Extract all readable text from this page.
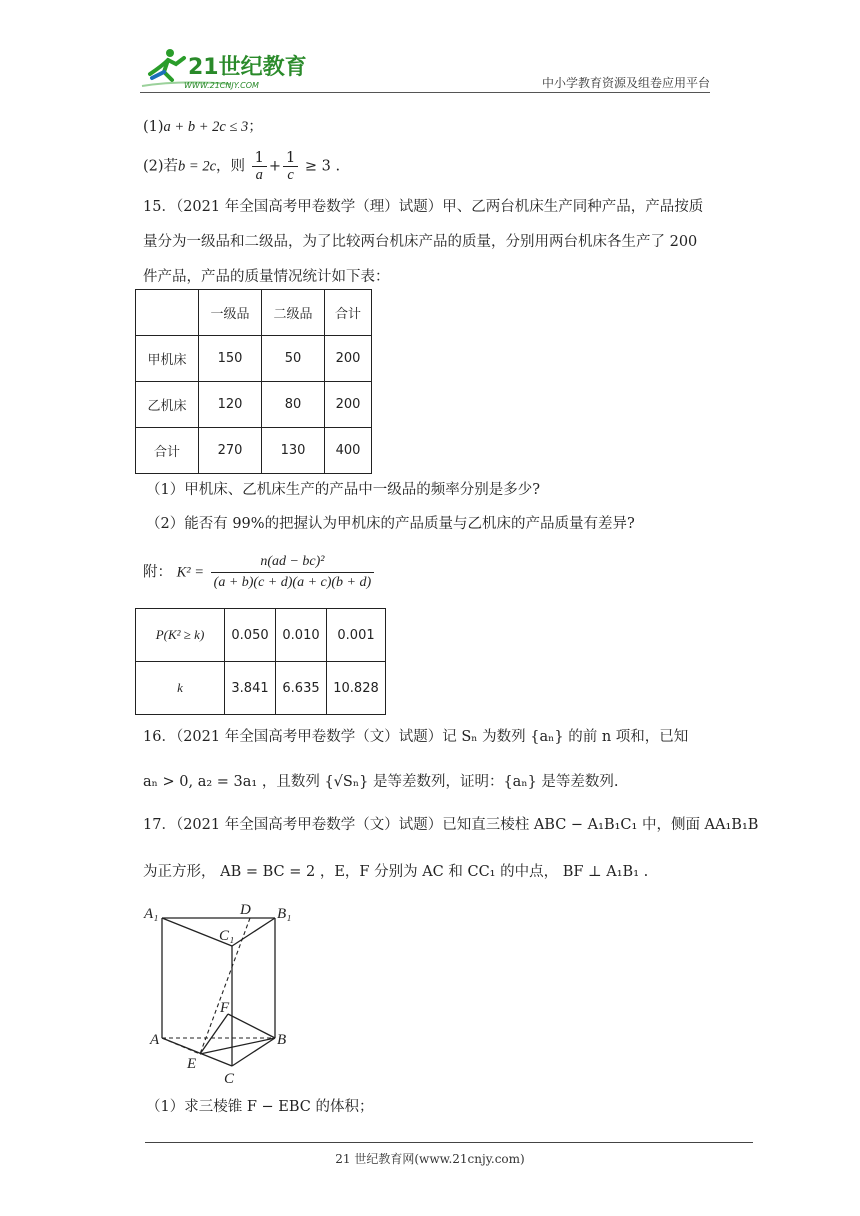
21世纪教育
WWW.21CNJY.COM	中小学教育资源及组卷应用平台
(1)a + b + 2c ≤ 3；
(2)若b = 2c，则 $\frac{1}{a} + \frac{1}{c} \ge 3$ .
15．（2021 年全国高考甲卷数学（理）试题）甲、乙两台机床生产同种产品，产品按质
量分为一级品和二级品，为了比较两台机床产品的质量，分别用两台机床各生产了 200
件产品，产品的质量情况统计如下表：
	一级品	二级品	合计
甲机床	150	50	200
乙机床	120	80	200
合计	270	130	400
（1）甲机床、乙机床生产的产品中一级品的频率分别是多少?
（2）能否有 99%的把握认为甲机床的产品质量与乙机床的产品质量有差异?
附： $K^2 = \frac{\text{n(ad − bc)²}}{(a + b)(c + d)(a + c)(b + d)}$
P(K² ≥ k)	0.050	0.010	0.001
k	3.841	6.635	10.828
16．（2021 年全国高考甲卷数学（文）试题）记 Sₙ 为数列 {aₙ} 的前 n 项和，已知
aₙ > 0, a₂ = 3a₁ ，且数列 {√Sₙ} 是等差数列，证明：{aₙ} 是等差数列.
17．（2021 年全国高考甲卷数学（文）试题）已知直三棱柱 ABC − A₁B₁C₁ 中，侧面 AA₁B₁B
为正方形， AB = BC = 2 ，E，F 分别为 AC 和 CC₁ 的中点， BF ⊥ A₁B₁ .
A₁	D B₁
C₁
F
A	B
E
C
（1）求三棱锥 F − EBC 的体积；
21 世纪教育网(www.21cnjy.com)
